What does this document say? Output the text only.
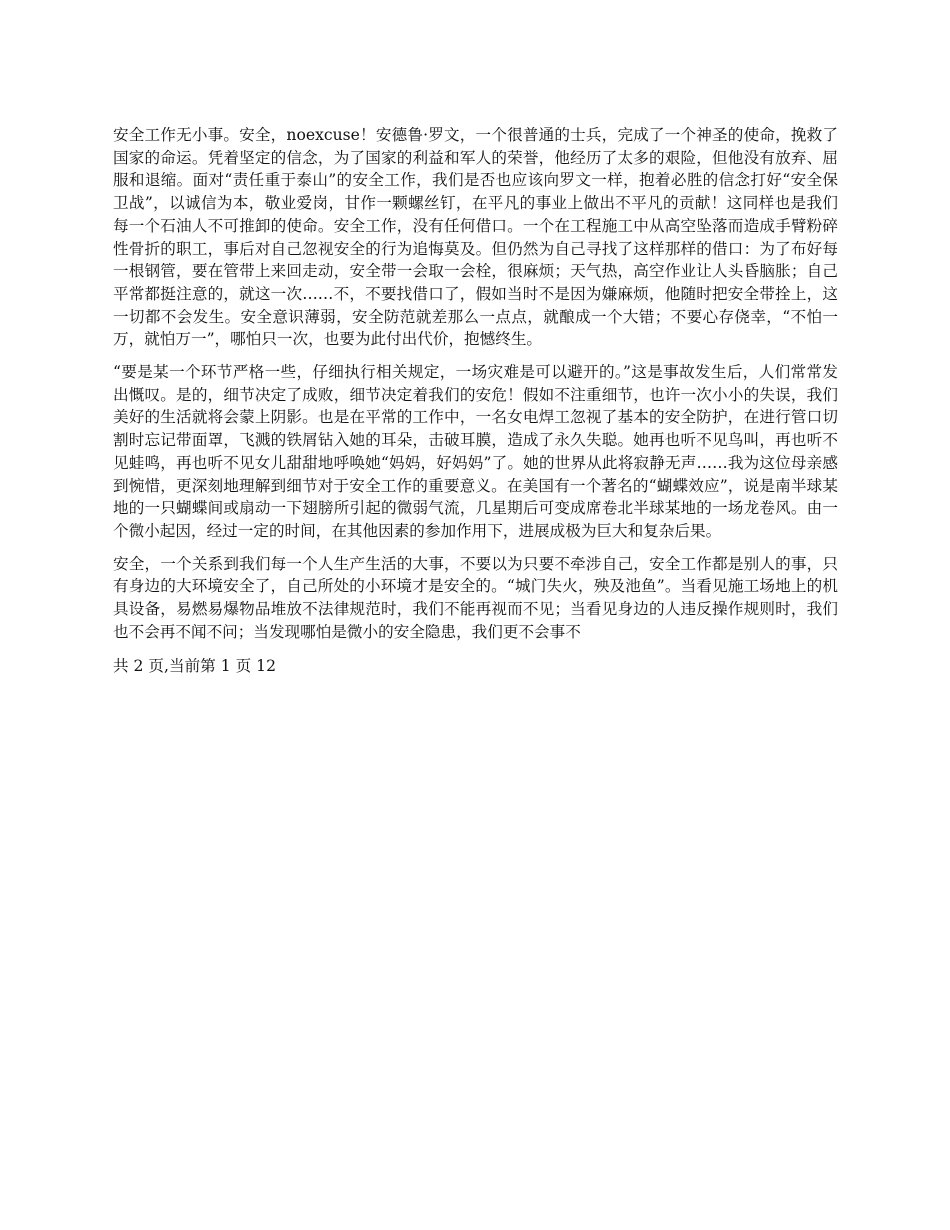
安全工作无小事。安全，noexcuse！安德鲁·罗文，一个很普通的士兵，完成了一个神圣的使命，挽救了国家的命运。凭着坚定的信念，为了国家的利益和军人的荣誉，他经历了太多的艰险，但他没有放弃、屈服和退缩。面对“责任重于泰山”的安全工作，我们是否也应该向罗文一样，抱着必胜的信念打好“安全保卫战”，以诚信为本，敬业爱岗，甘作一颗螺丝钉，在平凡的事业上做出不平凡的贡献！这同样也是我们每一个石油人不可推卸的使命。安全工作，没有任何借口。一个在工程施工中从高空坠落而造成手臂粉碎性骨折的职工，事后对自己忽视安全的行为追悔莫及。但仍然为自己寻找了这样那样的借口：为了布好每一根钢管，要在管带上来回走动，安全带一会取一会栓，很麻烦；天气热，高空作业让人头昏脑胀；自己平常都挺注意的，就这一次……不，不要找借口了，假如当时不是因为嫌麻烦，他随时把安全带拴上，这一切都不会发生。安全意识薄弱，安全防范就差那么一点点，就酿成一个大错；不要心存侥幸，“不怕一万，就怕万一”，哪怕只一次，也要为此付出代价，抱憾终生。

“要是某一个环节严格一些，仔细执行相关规定，一场灾难是可以避开的。”这是事故发生后，人们常常发出慨叹。是的，细节决定了成败，细节决定着我们的安危！假如不注重细节，也许一次小小的失误，我们美好的生活就将会蒙上阴影。也是在平常的工作中，一名女电焊工忽视了基本的安全防护，在进行管口切割时忘记带面罩，飞溅的铁屑钻入她的耳朵，击破耳膜，造成了永久失聪。她再也听不见鸟叫，再也听不见蛙鸣，再也听不见女儿甜甜地呼唤她“妈妈，好妈妈”了。她的世界从此将寂静无声……我为这位母亲感到惋惜，更深刻地理解到细节对于安全工作的重要意义。在美国有一个著名的“蝴蝶效应”，说是南半球某地的一只蝴蝶间或扇动一下翅膀所引起的微弱气流，几星期后可变成席卷北半球某地的一场龙卷风。由一个微小起因，经过一定的时间，在其他因素的参加作用下，进展成极为巨大和复杂后果。

安全，一个关系到我们每一个人生产生活的大事，不要以为只要不牵涉自己，安全工作都是别人的事，只有身边的大环境安全了，自己所处的小环境才是安全的。“城门失火，殃及池鱼”。当看见施工场地上的机具设备，易燃易爆物品堆放不法律规范时，我们不能再视而不见；当看见身边的人违反操作规则时，我们也不会再不闻不问；当发现哪怕是微小的安全隐患，我们更不会事不

共 2 页,当前第 1 页 12
